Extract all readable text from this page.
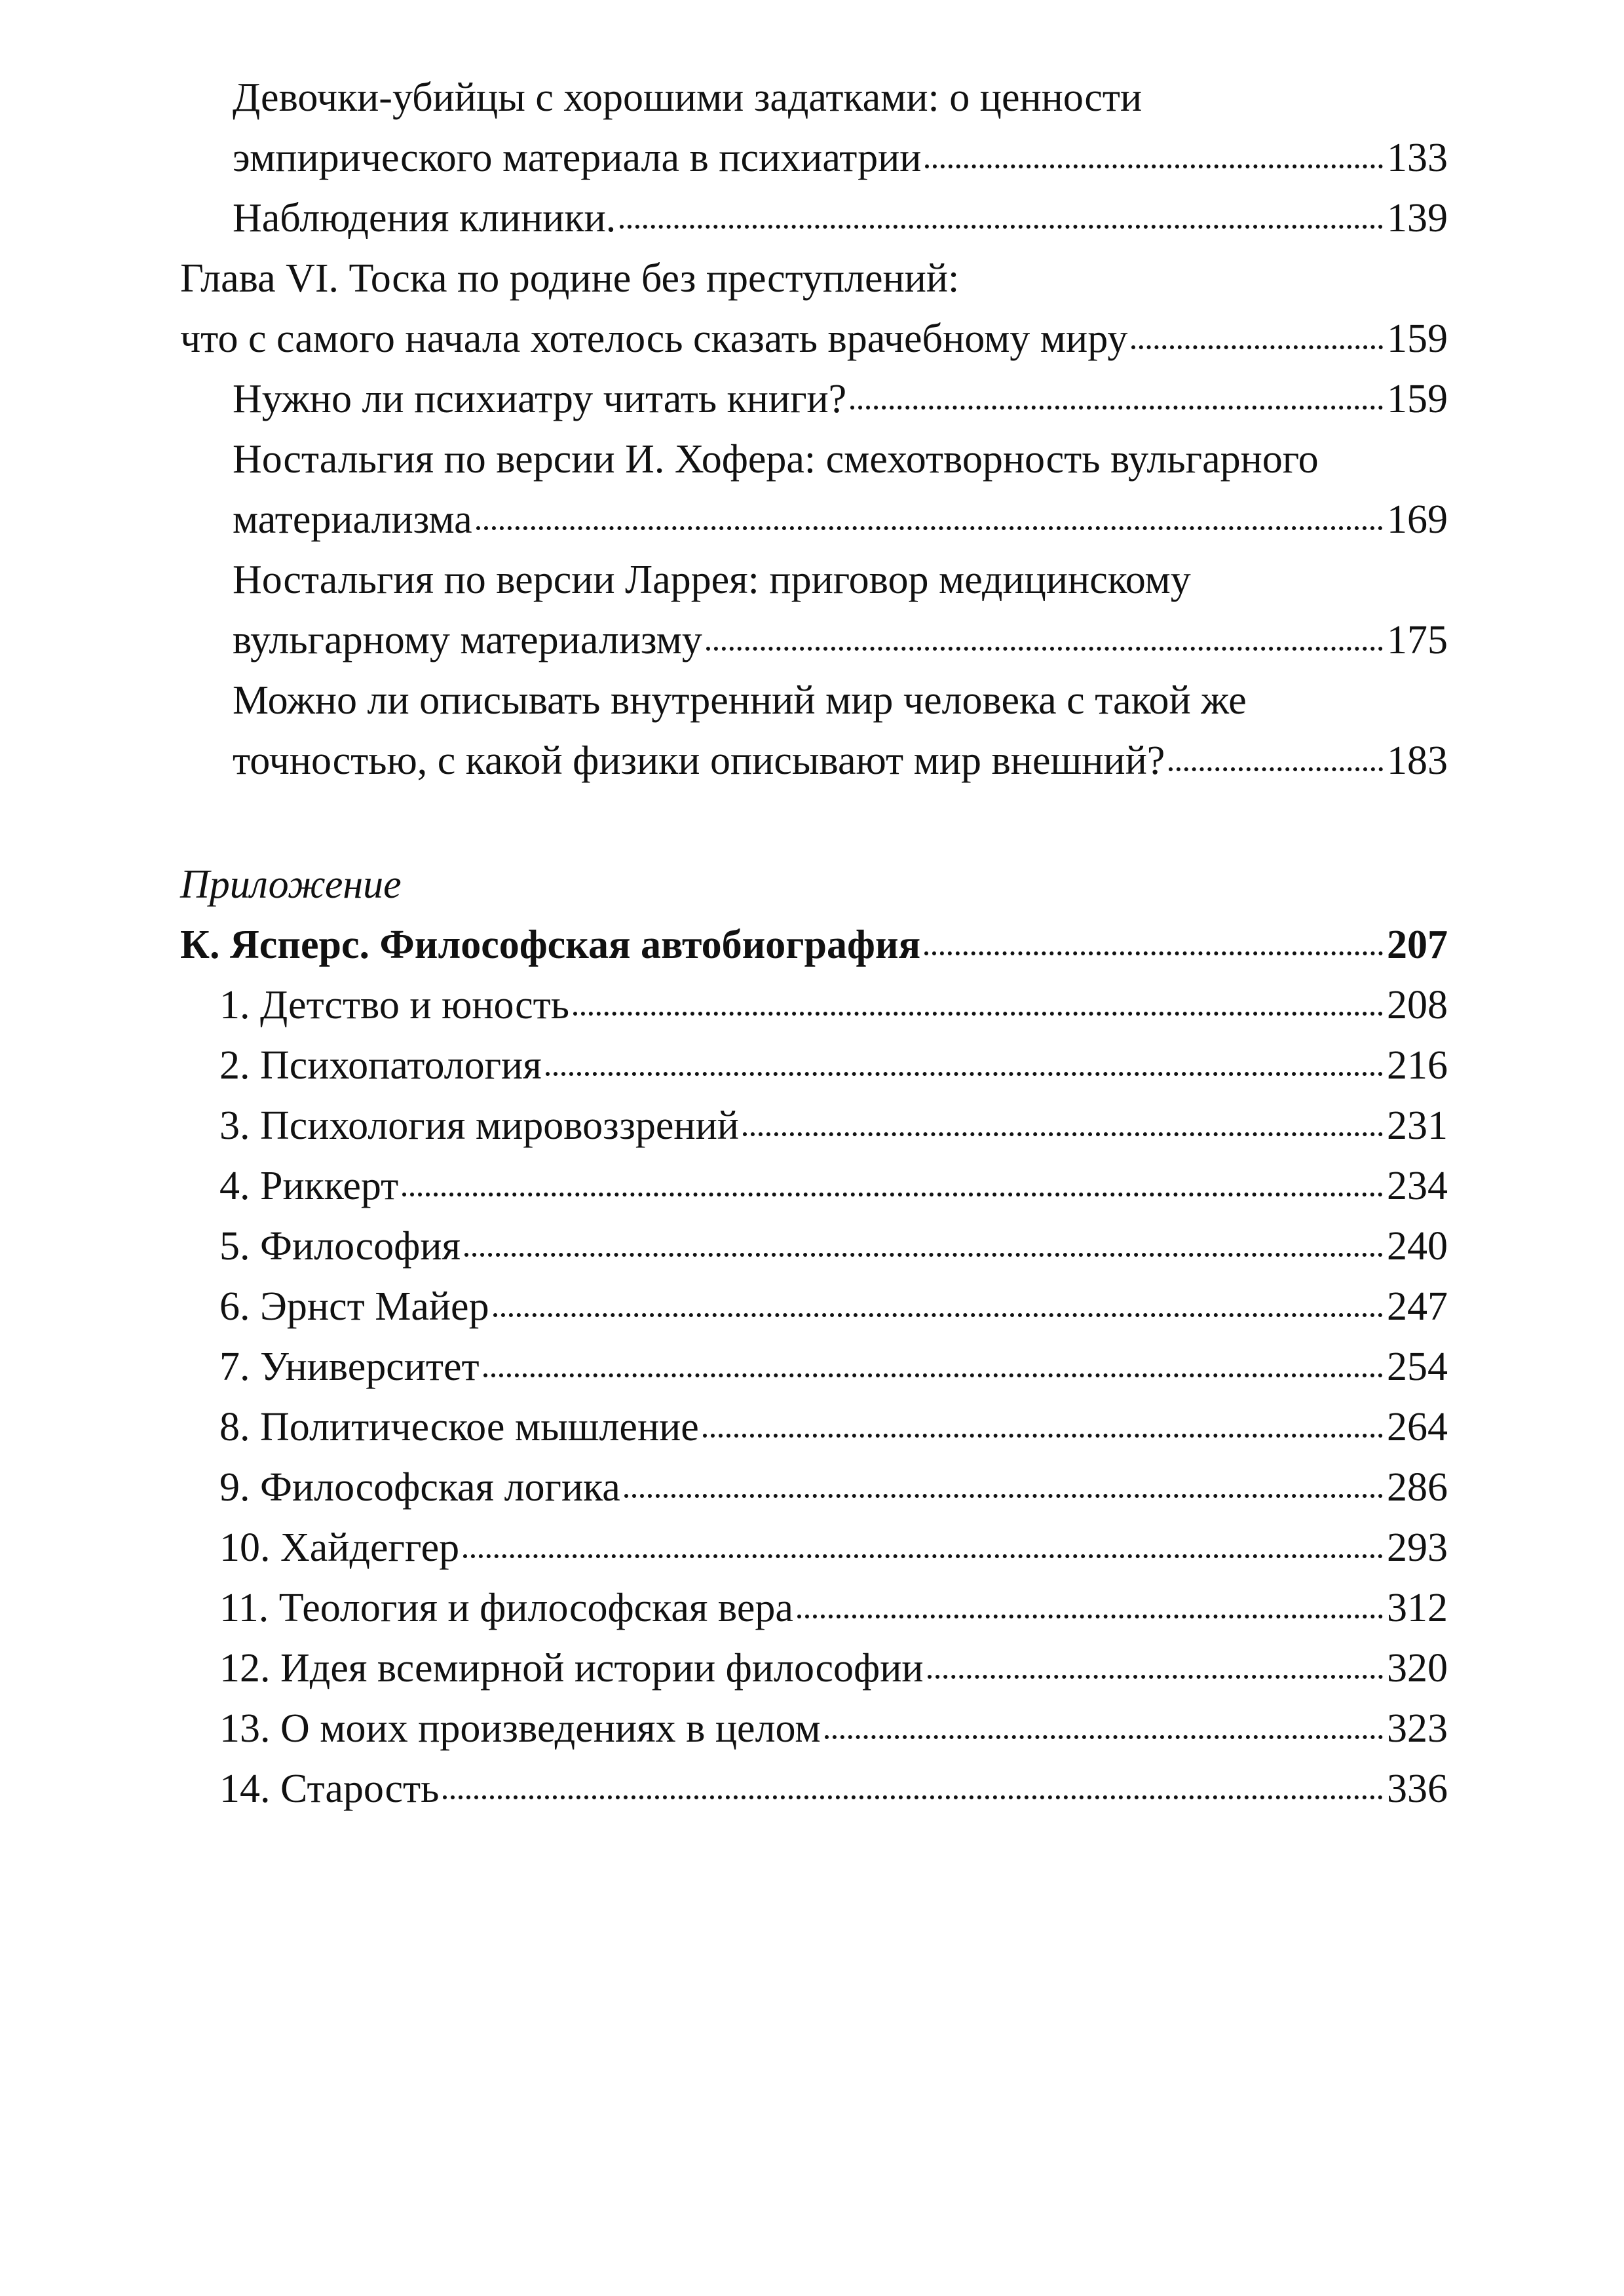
Девочки-убийцы с хорошими задатками: о ценности
эмпирического материала в психиатрии	133
Наблюдения клиники.	139
Глава VI. Тоска по родине без преступлений:
что с самого начала хотелось сказать врачебному миру	159
Нужно ли психиатру читать книги?	159
Ностальгия по версии И. Хофера: смехотворность вульгарного
материализма	169
Ностальгия по версии Ларрея: приговор медицинскому
вульгарному материализму	175
Можно ли описывать внутренний мир человека с такой же
точностью, с какой физики описывают мир внешний?	183
Приложение
К. Ясперс. Философская автобиография	207
1. Детство и юность	208
2. Психопатология	216
3. Психология мировоззрений	231
4. Риккерт	234
5. Философия	240
6. Эрнст Майер	247
7. Университет	254
8. Политическое мышление	264
9. Философская логика	286
10. Хайдеггер	293
11. Теология и философская вера	312
12. Идея всемирной истории философии	320
13. О моих произведениях в целом	323
14. Старость	336
